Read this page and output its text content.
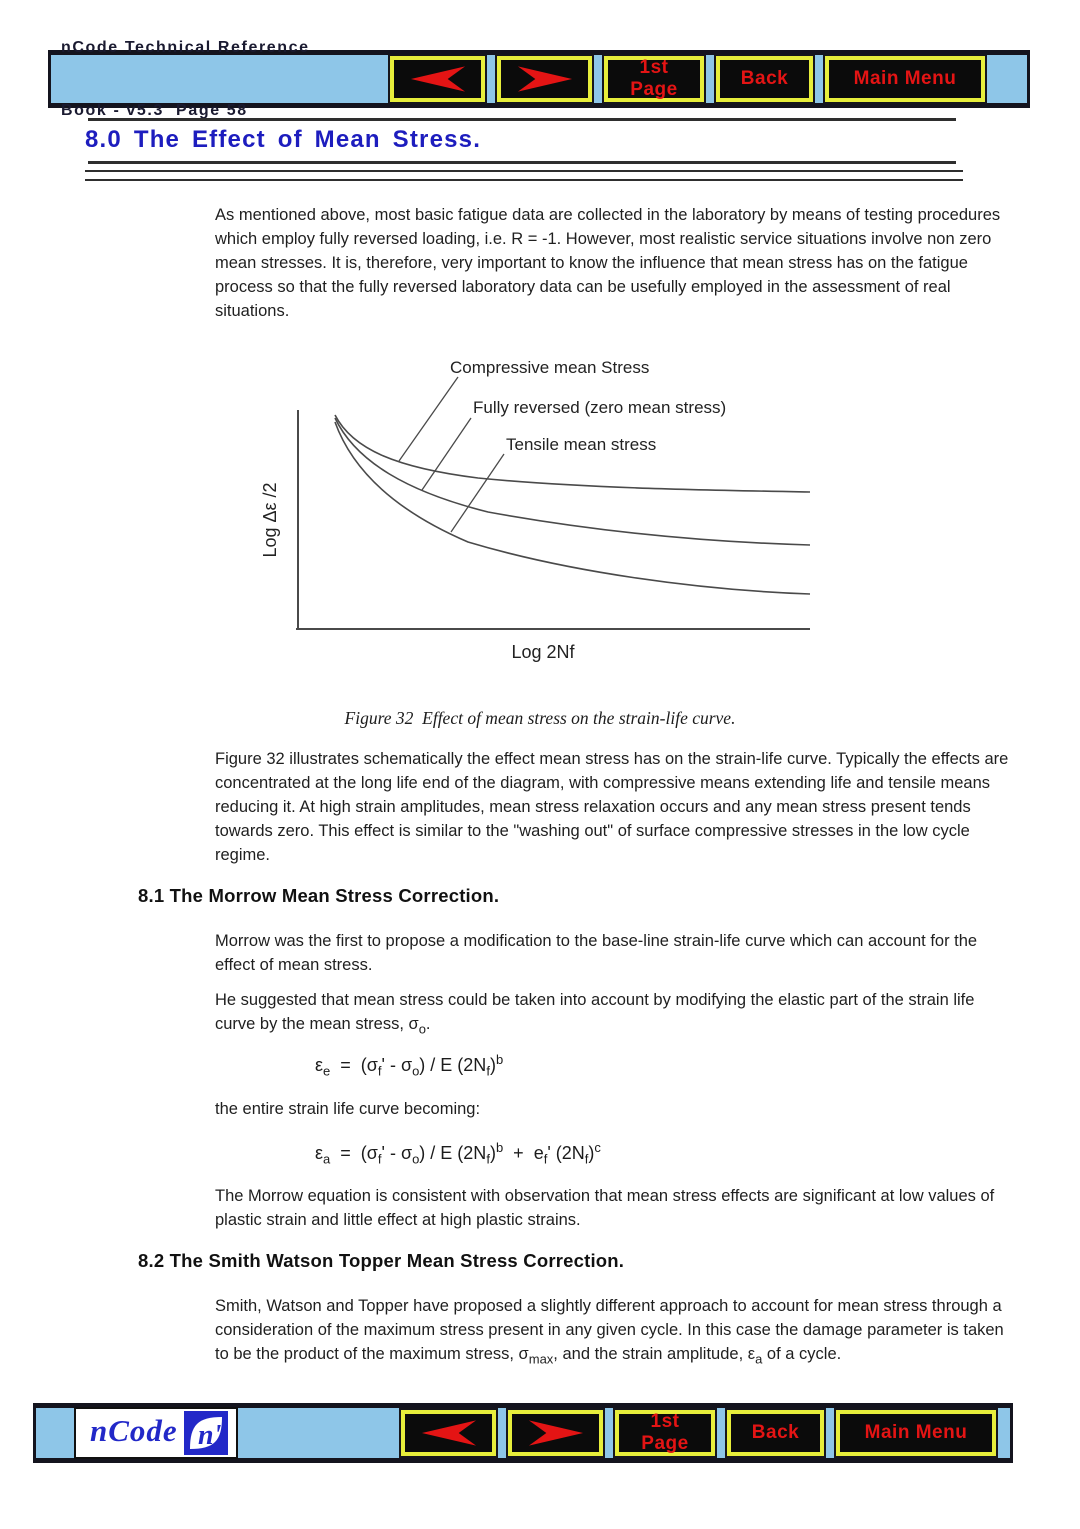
nCode Technical Reference

Book - v5.3  Page 58

1st Page
Back	Main Menu
8.0 The Effect of Mean Stress.

As mentioned above, most basic fatigue data are collected in the laboratory by means of testing procedures which employ fully reversed loading, i.e. R = -1. However, most realistic service situations involve non zero mean stresses. It is, therefore, very important to know the influence that mean stress has on the fatigue process so that the fully reversed laboratory data can be usefully employed in the assessment of real situations.

Compressive mean Stress
Fully reversed (zero mean stress)
Tensile mean stress
Log 2Nf
Log Δε /2
Figure 32  Effect of mean stress on the strain-life curve.

Figure 32 illustrates schematically the effect mean stress has on the strain-life curve. Typically the effects are concentrated at the long life end of the diagram, with compressive means extending life and tensile means reducing it. At high strain amplitudes, mean stress relaxation occurs and any mean stress present tends towards zero. This effect is similar to the "washing out" of surface compressive stresses in the low cycle regime.

8.1 The Morrow Mean Stress Correction.

Morrow was the first to propose a modification to the base-line strain-life curve which can account for the effect of mean stress.

He suggested that mean stress could be taken into account by modifying the elastic part of the strain life curve by the mean stress, $\sigma_o$.

$\varepsilon_e = (\sigma_f' - \sigma_o) / E$ $(2N_f)^b$

the entire strain life curve becoming:

$\varepsilon_a = (\sigma_f' - \sigma_o) / E$ $(2N_f)^b + e_f'$ $(2N_f)^c$

The Morrow equation is consistent with observation that mean stress effects are significant at low values of plastic strain and little effect at high plastic strains.

8.2 The Smith Watson Topper Mean Stress Correction.

Smith, Watson and Topper have proposed a slightly different approach to account for mean stress through a consideration of the maximum stress present in any given cycle. In this case the damage parameter is taken to be the product of the maximum stress, $\sigma_{max}$, and the strain amplitude, $\varepsilon_a$ of a cycle.

nCode n'	1st Page
Back	Main Menu
